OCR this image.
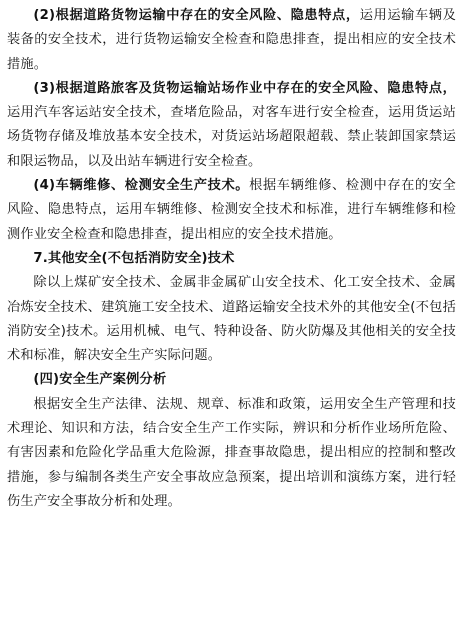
(2)根据道路货物运输中存在的安全风险、隐患特点，运用运输车辆及装备的安全技术，进行货物运输安全检查和隐患排查，提出相应的安全技术措施。

(3)根据道路旅客及货物运输站场作业中存在的安全风险、隐患特点，运用汽车客运站安全技术，查堵危险品，对客车进行安全检查，运用货运站场货物存储及堆放基本安全技术，对货运站场超限超载、禁止装卸国家禁运和限运物品，以及出站车辆进行安全检查。

(4)车辆维修、检测安全生产技术。根据车辆维修、检测中存在的安全风险、隐患特点，运用车辆维修、检测安全技术和标准，进行车辆维修和检测作业安全检查和隐患排查，提出相应的安全技术措施。

7.其他安全(不包括消防安全)技术

除以上煤矿安全技术、金属非金属矿山安全技术、化工安全技术、金属冶炼安全技术、建筑施工安全技术、道路运输安全技术外的其他安全(不包括消防安全)技术。运用机械、电气、特种设备、防火防爆及其他相关的安全技术和标准，解决安全生产实际问题。

(四)安全生产案例分析

根据安全生产法律、法规、规章、标准和政策，运用安全生产管理和技术理论、知识和方法，结合安全生产工作实际，辨识和分析作业场所危险、有害因素和危险化学品重大危险源，排查事故隐患，提出相应的控制和整改措施，参与编制各类生产安全事故应急预案，提出培训和演练方案，进行轻伤生产安全事故分析和处理。
